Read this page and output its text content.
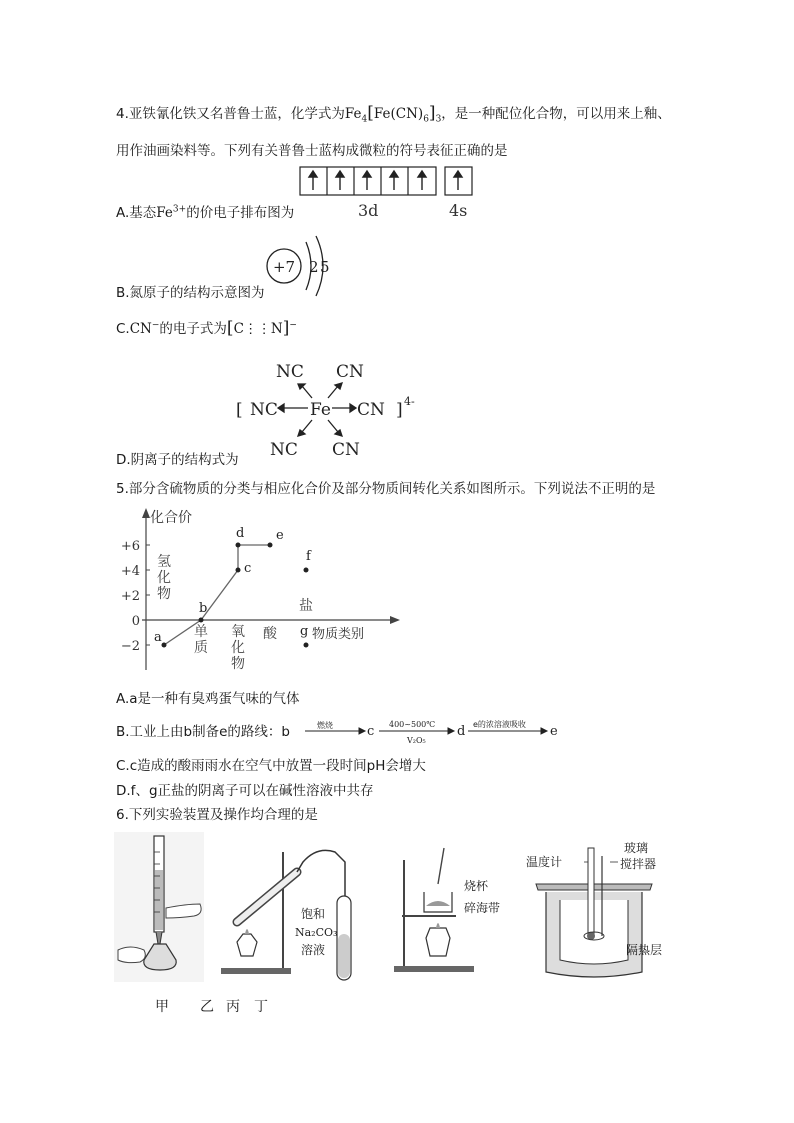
4.亚铁氰化铁又名普鲁士蓝，化学式为$Fe_4[Fe(CN)_6]_3$，是一种配位化合物，可以用来上釉、
用作油画染料等。下列有关普鲁士蓝构成微粒的符号表征正确的是
3d	4s
A.基态$Fe^{3+}$的价电子排布图为
+7 2 5
B.氮原子的结构示意图为
C.CN−的电子式为[C⋮⋮N]−
Fe
NC CN
NC	CN
NC CN
[	] 4-
D.阴离子的结构式为
5.部分含硫物质的分类与相应化合价及部分物质间转化关系如图所示。下列说法不正明的是
化合价
+6
+4
+2
0
−2
氢
化
物
单
质
氧
化
物
酸
盐
a
b
c
d e
f
g 物质类别
A.a是一种有臭鸡蛋气味的气体
B.工业上由b制备e的路线：b	燃烧	c 400~500℃
V₂O₅
d e的浓溶液吸收 e
C.c造成的酸雨雨水在空气中放置一段时间pH会增大
D.f、g正盐的阴离子可以在碱性溶液中共存
6.下列实验装置及操作均合理的是
饱和
Na₂CO₃
溶液
烧杯
碎海带
温度计
玻璃
搅拌器
隔热层
甲 乙 丙 丁
